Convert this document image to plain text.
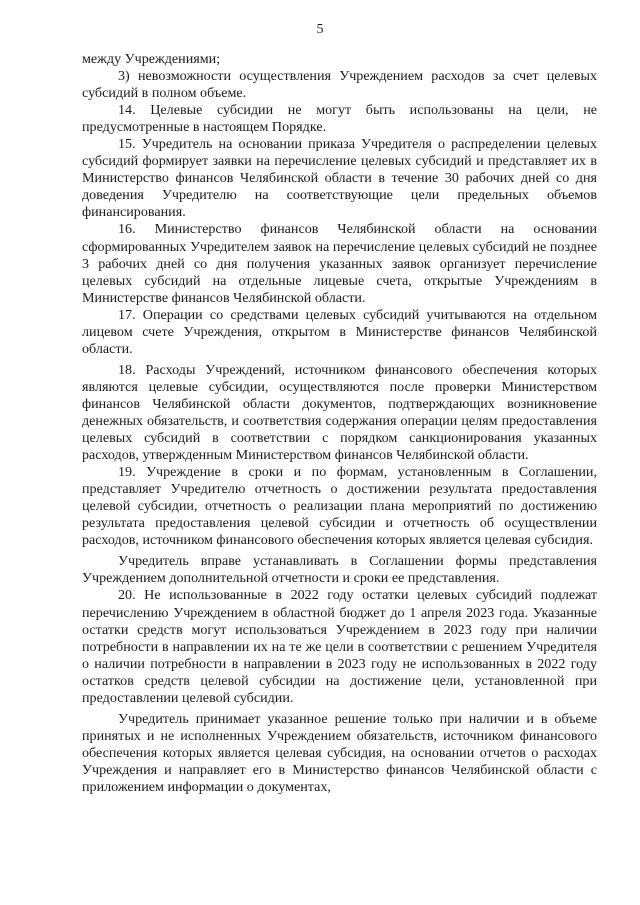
5

между Учреждениями;

3) невозможности осуществления Учреждением расходов за счет целевых субсидий в полном объеме.

14. Целевые субсидии не могут быть использованы на цели, не предусмотренные в настоящем Порядке.

15. Учредитель на основании приказа Учредителя о распределении целевых субсидий формирует заявки на перечисление целевых субсидий и представляет их в Министерство финансов Челябинской области в течение 30 рабочих дней со дня доведения Учредителю на соответствующие цели предельных объемов финансирования.

16. Министерство финансов Челябинской области на основании сформированных Учредителем заявок на перечисление целевых субсидий не позднее 3 рабочих дней со дня получения указанных заявок организует перечисление целевых субсидий на отдельные лицевые счета, открытые Учреждениям в Министерстве финансов Челябинской области.

17. Операции со средствами целевых субсидий учитываются на отдельном лицевом счете Учреждения, открытом в Министерстве финансов Челябинской области.

18. Расходы Учреждений, источником финансового обеспечения которых являются целевые субсидии, осуществляются после проверки Министерством финансов Челябинской области документов, подтверждающих возникновение денежных обязательств, и соответствия содержания операции целям предоставления целевых субсидий в соответствии с порядком санкционирования указанных расходов, утвержденным Министерством финансов Челябинской области.

19. Учреждение в сроки и по формам, установленным в Соглашении, представляет Учредителю отчетность о достижении результата предоставления целевой субсидии, отчетность о реализации плана мероприятий по достижению результата предоставления целевой субсидии и отчетность об осуществлении расходов, источником финансового обеспечения которых является целевая субсидия.

Учредитель вправе устанавливать в Соглашении формы представления Учреждением дополнительной отчетности и сроки ее представления.

20. Не использованные в 2022 году остатки целевых субсидий подлежат перечислению Учреждением в областной бюджет до 1 апреля 2023 года. Указанные остатки средств могут использоваться Учреждением в 2023 году при наличии потребности в направлении их на те же цели в соответствии с решением Учредителя о наличии потребности в направлении в 2023 году не использованных в 2022 году остатков средств целевой субсидии на достижение цели, установленной при предоставлении целевой субсидии.

Учредитель принимает указанное решение только при наличии и в объеме принятых и не исполненных Учреждением обязательств, источником финансового обеспечения которых является целевая субсидия, на основании отчетов о расходах Учреждения и направляет его в Министерство финансов Челябинской области с приложением информации о документах,
